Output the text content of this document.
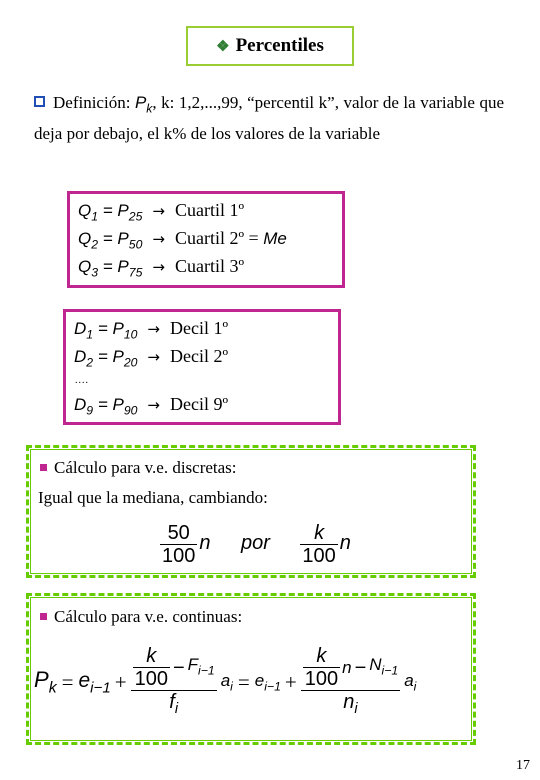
❖ Percentiles
Definición: $P_k$, k: 1,2,...,99, “percentil k”, valor de la variable que deja por debajo, el k% de los valores de la variable
$Q_1 = P_{25}$ → Cuartil 1º
$Q_2 = P_{50}$ → Cuartil 2º = Me
$Q_3 = P_{75}$ → Cuartil 3º
$D_1 = P_{10}$ → Decil 1º
$D_2 = P_{20}$ → Decil 2º
....
$D_9 = P_{90}$ → Decil 9º
Cálculo para v.e. discretas:
Igual que la mediana, cambiando:
$\frac{50}{100}$ n por $\frac{k}{100}$ n
Cálculo para v.e. continuas:
$P_k = e_{i-1} + \frac{\frac{k}{100} - F_{i-1}}{f_i} a_i = e_{i-1} + \frac{\frac{k}{100} n - N_{i-1}}{n_i} a_i$
17
